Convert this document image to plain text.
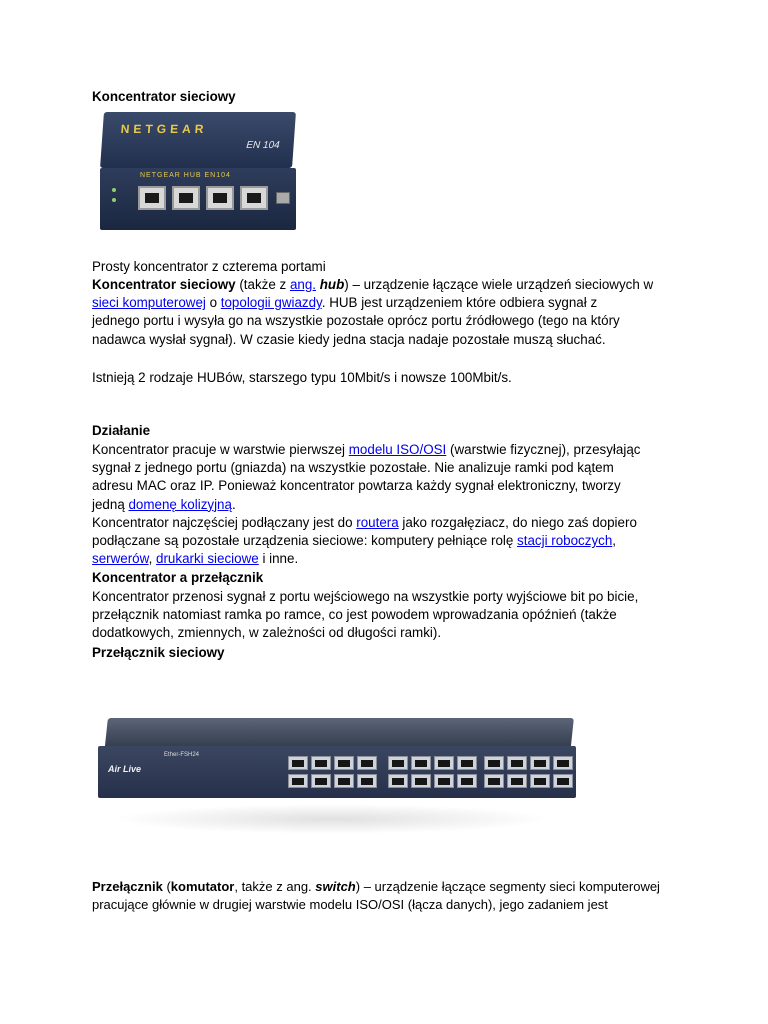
Koncentrator sieciowy

NETGEAR
EN 104
NETGEAR HUB EN104

Prosty koncentrator z czterema portami

Koncentrator sieciowy (także z ang. hub) – urządzenie łączące wiele urządzeń sieciowych w
sieci komputerowej o topologii gwiazdy. HUB jest urządzeniem które odbiera sygnał z
jednego portu i wysyła go na wszystkie pozostałe oprócz portu źródłowego (tego na który
nadawca wysłał sygnał). W czasie kiedy jedna stacja nadaje pozostałe muszą słuchać.

Istnieją 2 rodzaje HUBów, starszego typu 10Mbit/s i nowsze 100Mbit/s.

Działanie

Koncentrator pracuje w warstwie pierwszej modelu ISO/OSI (warstwie fizycznej), przesyłając
sygnał z jednego portu (gniazda) na wszystkie pozostałe. Nie analizuje ramki pod kątem
adresu MAC oraz IP. Ponieważ koncentrator powtarza każdy sygnał elektroniczny, tworzy
jedną domenę kolizyjną.

Koncentrator najczęściej podłączany jest do routera jako rozgałęziacz, do niego zaś dopiero
podłączane są pozostałe urządzenia sieciowe: komputery pełniące rolę stacji roboczych,
serwerów, drukarki sieciowe i inne.

Koncentrator a przełącznik

Koncentrator przenosi sygnał z portu wejściowego na wszystkie porty wyjściowe bit po bicie,
przełącznik natomiast ramka po ramce, co jest powodem wprowadzania opóźnień (także
dodatkowych, zmiennych, w zależności od długości ramki).

Przełącznik sieciowy

Air Live
Ether-FSH24

Przełącznik (komutator, także z ang. switch) – urządzenie łączące segmenty sieci komputerowej
pracujące głównie w drugiej warstwie modelu ISO/OSI (łącza danych), jego zadaniem jest
